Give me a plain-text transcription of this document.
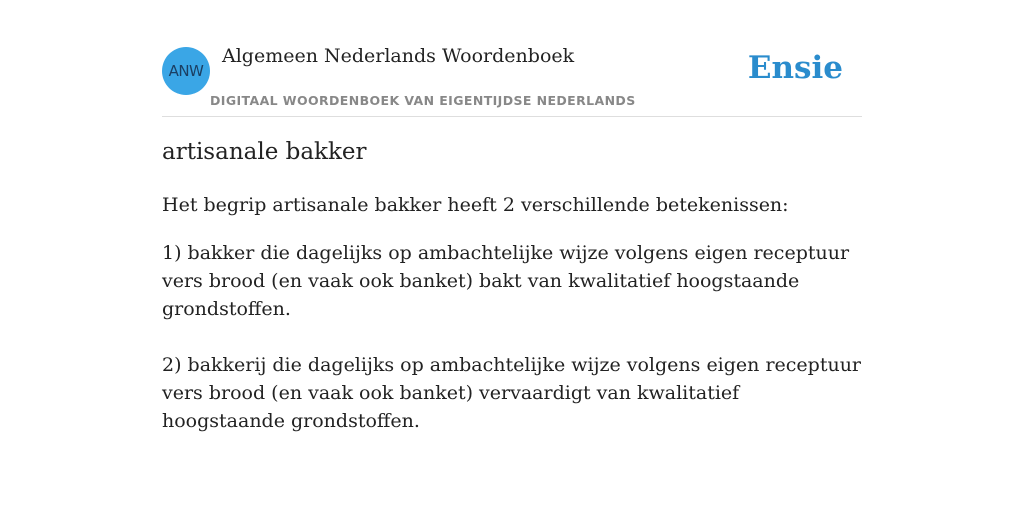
ANW
Algemeen Nederlands Woordenboek
DIGITAAL WOORDENBOEK VAN EIGENTIJDSE NEDERLANDS
Ensie
artisanale bakker

Het begrip artisanale bakker heeft 2 verschillende betekenissen:

1) bakker die dagelijks op ambachtelijke wijze volgens eigen receptuur vers brood (en vaak ook banket) bakt van kwalitatief hoogstaande grondstoffen.

2) bakkerij die dagelijks op ambachtelijke wijze volgens eigen receptuur vers brood (en vaak ook banket) vervaardigt van kwalitatief hoogstaande grondstoffen.
